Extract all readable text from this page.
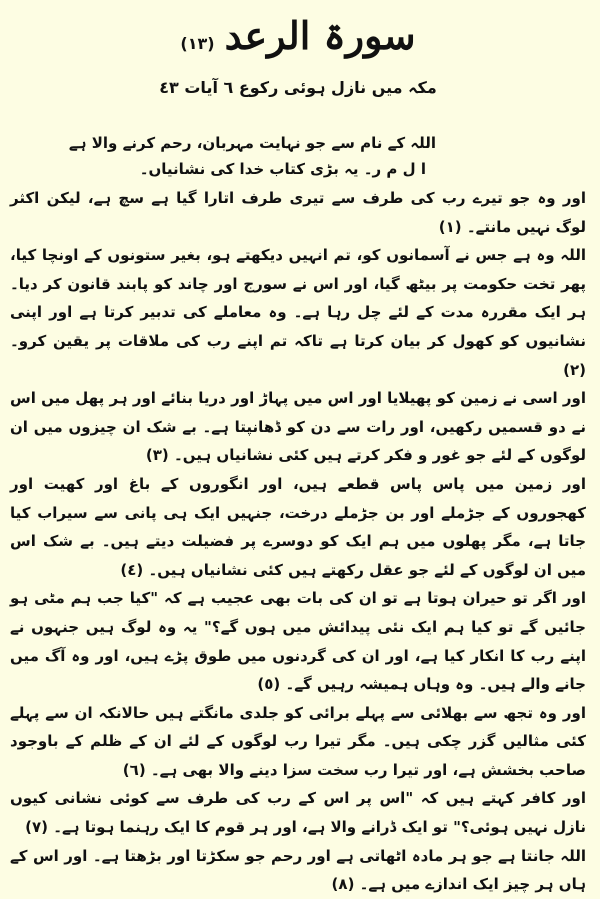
سورۃ الرعد
(١٣)
مکہ میں نازل ہوئی رکوع ٦ آیات ٤٣
اللہ کے نام سے جو نہایت مہربان، رحم کرنے والا ہے
ا ل م ر۔ یہ بڑی کتاب خدا کی نشانیاں۔
اور وہ جو تیرے رب کی طرف سے تیری طرف اتارا گیا ہے سچ ہے، لیکن اکثر لوگ نہیں مانتے۔ (١)
اللہ وہ ہے جس نے آسمانوں کو، تم انہیں دیکھتے ہو، بغیر ستونوں کے اونچا کیا، پھر تخت حکومت پر بیٹھ گیا، اور اس نے سورج اور چاند کو پابند قانون کر دیا۔ ہر ایک مقررہ مدت کے لئے چل رہا ہے۔ وہ معاملے کی تدبیر کرتا ہے اور اپنی نشانیوں کو کھول کر بیان کرتا ہے تاکہ تم اپنے رب کی ملاقات پر یقین کرو۔ (٢)
اور اسی نے زمین کو پھیلایا اور اس میں پہاڑ اور دریا بنائے اور ہر پھل میں اس نے دو قسمیں رکھیں، اور رات سے دن کو ڈھانپتا ہے۔ بے شک ان چیزوں میں ان لوگوں کے لئے جو غور و فکر کرتے ہیں کئی نشانیاں ہیں۔ (٣)
اور زمین میں پاس پاس قطعے ہیں، اور انگوروں کے باغ اور کھیت اور کھجوروں کے جڑملے اور بن جڑملے درخت، جنہیں ایک ہی پانی سے سیراب کیا جاتا ہے، مگر پھلوں میں ہم ایک کو دوسرے پر فضیلت دیتے ہیں۔ بے شک اس میں ان لوگوں کے لئے جو عقل رکھتے ہیں کئی نشانیاں ہیں۔ (٤)
اور اگر تو حیران ہوتا ہے تو ان کی بات بھی عجیب ہے کہ "کیا جب ہم مٹی ہو جائیں گے تو کیا ہم ایک نئی پیدائش میں ہوں گے؟" یہ وہ لوگ ہیں جنہوں نے اپنے رب کا انکار کیا ہے، اور ان کی گردنوں میں طوق پڑے ہیں، اور وہ آگ میں جانے والے ہیں۔ وہ وہاں ہمیشہ رہیں گے۔ (٥)
اور وہ تجھ سے بھلائی سے پہلے برائی کو جلدی مانگتے ہیں حالانکہ ان سے پہلے کئی مثالیں گزر چکی ہیں۔ مگر تیرا رب لوگوں کے لئے ان کے ظلم کے باوجود صاحب بخشش ہے، اور تیرا رب سخت سزا دینے والا بھی ہے۔ (٦)
اور کافر کہتے ہیں کہ "اس پر اس کے رب کی طرف سے کوئی نشانی کیوں نازل نہیں ہوئی؟" تو ایک ڈرانے والا ہے، اور ہر قوم کا ایک رہنما ہوتا ہے۔ (٧)
اللہ جانتا ہے جو ہر مادہ اٹھاتی ہے اور رحم جو سکڑتا اور بڑھتا ہے۔ اور اس کے ہاں ہر چیز ایک اندازے میں ہے۔ (٨)
